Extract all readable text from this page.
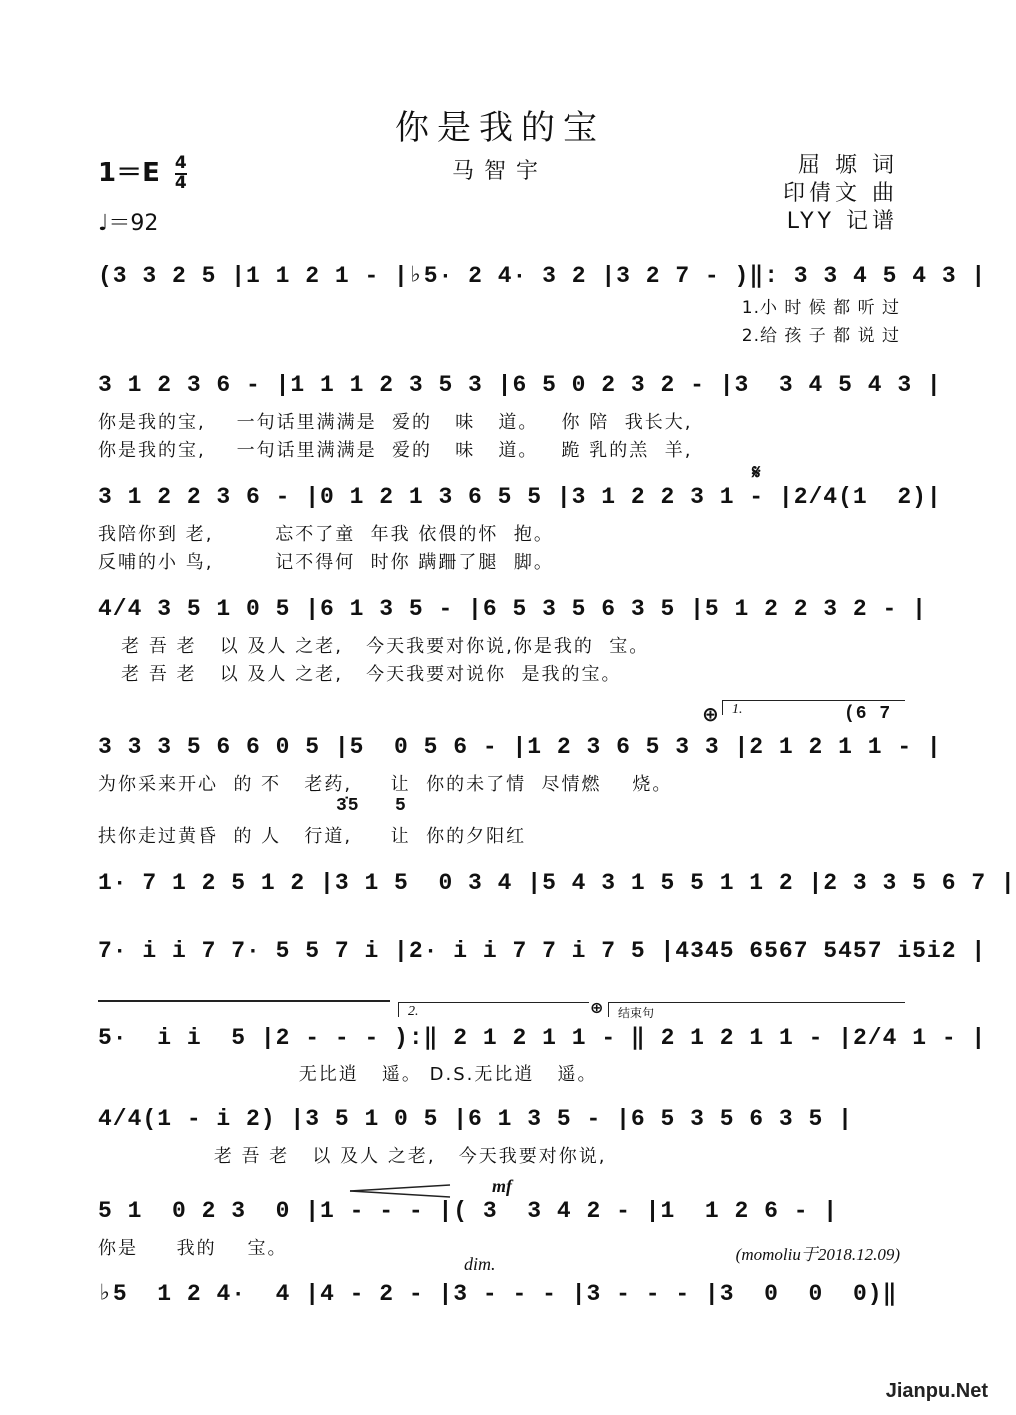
你是我的宝
$1=E \frac{4}{4}$	马智宇	屈 塬 词
印倩文 曲
LYY 记谱
♩＝92
(3 3 2 5 |1 1 2 1 - |♭5· 2 4· 3 2 |3 2 7 - )‖: 3 3 4 5 4 3 |
1.小 时 候 都 听 过
2.给 孩 子 都 说 过
3 1 2 3 6 - |1 1 1 2 3 5 3 |6 5 0 2 3 2 - |3  3 4 5 4 3 |
你是我的宝,    一句话里满满是  爱的   味   道。   你 陪  我长大,
你是我的宝,    一句话里满满是  爱的   味   道。   跪 乳的羔  羊,
𝄋
3 1 2 2 3 6 - |0 1 2 1 3 6 5 5 |3 1 2 2 3 1 - |2/4(1  2)|
我陪你到 老,        忘不了童  年我 依偎的怀  抱。
反哺的小 鸟,        记不得何  时你 蹒跚了腿  脚。
4/4 3 5 1 0 5 |6 1 3 5 - |6 5 3 5 6 3 5 |5 1 2 2 3 2 - |
老 吾 老   以 及人 之老,   今天我要对你说,你是我的  宝。
老 吾 老   以 及人 之老,   今天我要对说你  是我的宝。
⊕ 1.	(6 7
3 3 3 5 6 6 0 5 |5  0 5 6 - |1 2 3 6 5 3 3 |2 1 2 1 1 - |
为你采来开心  的 不   老药,     让  你的未了情  尽情燃    烧。
3̇5   5
扶你走过黄昏  的 人   行道,     让  你的夕阳红
1· 7 1 2 5 1 2 |3 1 5  0 3 4 |5 4 3 1 5 5 1 1 2 |2 3 3 5 6 7 |
7· i i 7 7· 5 5 7 i |2· i i 7 7 i 7 5 |4345 6567 5457 i5i2 |
2.	⊕ 结束句
5·  i i  5 |2 - - - ):‖ 2 1 2 1 1 - ‖ 2 1 2 1 1 - |2/4 1 - |
无比逍   遥。 D.S.无比逍   遥。
4/4(1 - i 2) |3 5 1 0 5 |6 1 3 5 - |6 5 3 5 6 3 5 |
老 吾 老   以 及人 之老,   今天我要对你说,
mf
5 1  0 2 3  0 |1 - - - |( 3  3 4 2 - |1  1 2 6 - |
你是     我的    宝。	(momoliu于2018.12.09)
dim.
♭5  1 2 4·  4 |4 - 2 - |3 - - - |3 - - - |3  0  0  0)‖
Jianpu.Net
